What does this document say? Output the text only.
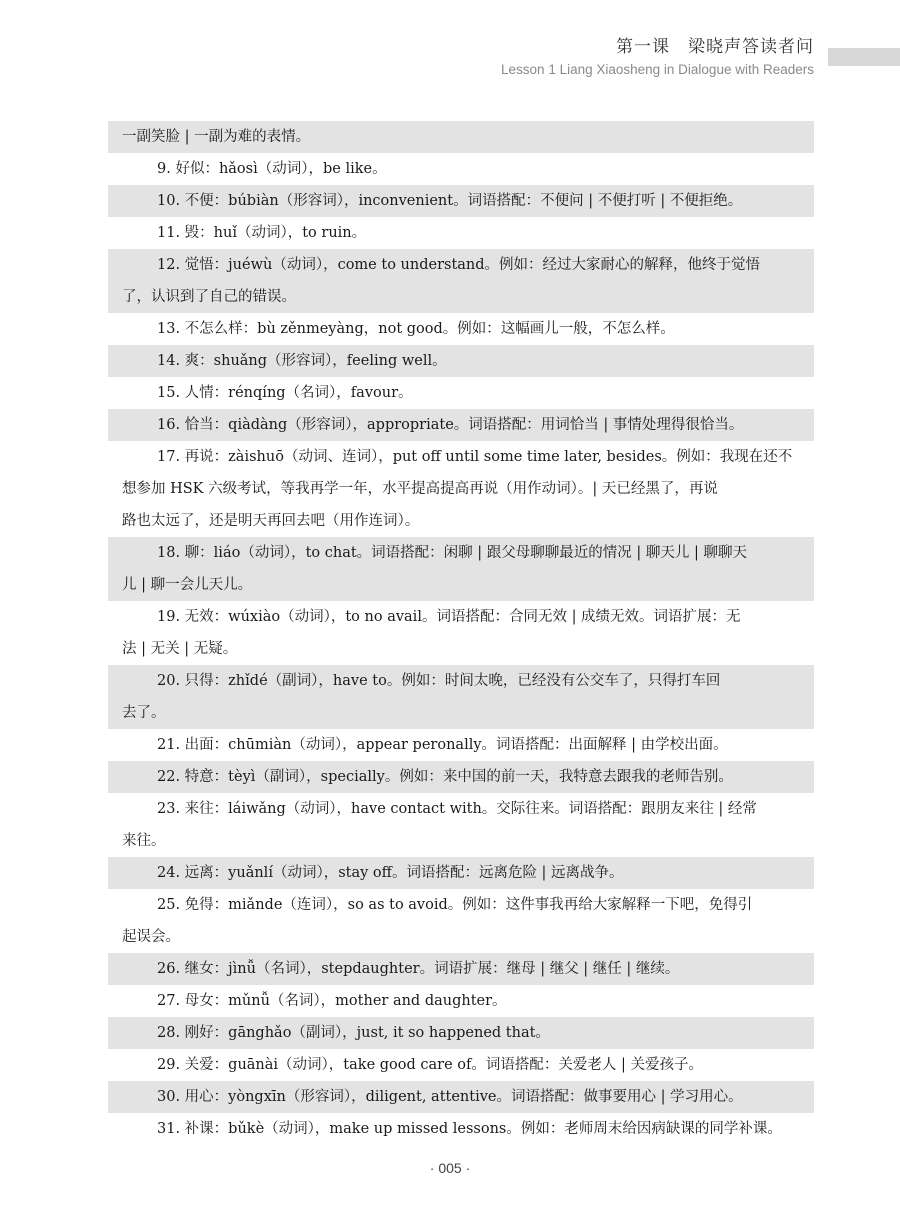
第一课　梁晓声答读者问
Lesson 1 Liang Xiaosheng in Dialogue with Readers
一副笑脸 | 一副为难的表情。
9. 好似：hǎosì（动词），be like。
10. 不便：búbiàn（形容词），inconvenient。词语搭配：不便问 | 不便打听 | 不便拒绝。
11. 毁：huǐ（动词），to ruin。
12. 觉悟：juéwù（动词），come to understand。例如：经过大家耐心的解释，他终于觉悟
了，认识到了自己的错误。
13. 不怎么样：bù zěnmeyàng，not good。例如：这幅画儿一般，不怎么样。
14. 爽：shuǎng（形容词），feeling well。
15. 人情：rénqíng（名词），favour。
16. 恰当：qiàdàng（形容词），appropriate。词语搭配：用词恰当 | 事情处理得很恰当。
17. 再说：zàishuō（动词、连词），put off until some time later, besides。例如：我现在还不
想参加 HSK 六级考试，等我再学一年，水平提高提高再说（用作动词）。| 天已经黑了，再说
路也太远了，还是明天再回去吧（用作连词）。
18. 聊：liáo（动词），to chat。词语搭配：闲聊 | 跟父母聊聊最近的情况 | 聊天儿 | 聊聊天
儿 | 聊一会儿天儿。
19. 无效：wúxiào（动词），to no avail。词语搭配：合同无效 | 成绩无效。词语扩展：无
法 | 无关 | 无疑。
20. 只得：zhǐdé（副词），have to。例如：时间太晚，已经没有公交车了，只得打车回
去了。
21. 出面：chūmiàn（动词），appear peronally。词语搭配：出面解释 | 由学校出面。
22. 特意：tèyì（副词），specially。例如：来中国的前一天，我特意去跟我的老师告别。
23. 来往：láiwǎng（动词），have contact with。交际往来。词语搭配：跟朋友来往 | 经常
来往。
24. 远离：yuǎnlí（动词），stay off。词语搭配：远离危险 | 远离战争。
25. 免得：miǎnde（连词），so as to avoid。例如：这件事我再给大家解释一下吧，免得引
起误会。
26. 继女：jìnǚ（名词），stepdaughter。词语扩展：继母 | 继父 | 继任 | 继续。
27. 母女：mǔnǚ（名词），mother and daughter。
28. 刚好：gānghǎo（副词），just, it so happened that。
29. 关爱：guānài（动词），take good care of。词语搭配：关爱老人 | 关爱孩子。
30. 用心：yòngxīn（形容词），diligent, attentive。词语搭配：做事要用心 | 学习用心。
31. 补课：bǔkè（动词），make up missed lessons。例如：老师周末给因病缺课的同学补课。
· 005 ·
